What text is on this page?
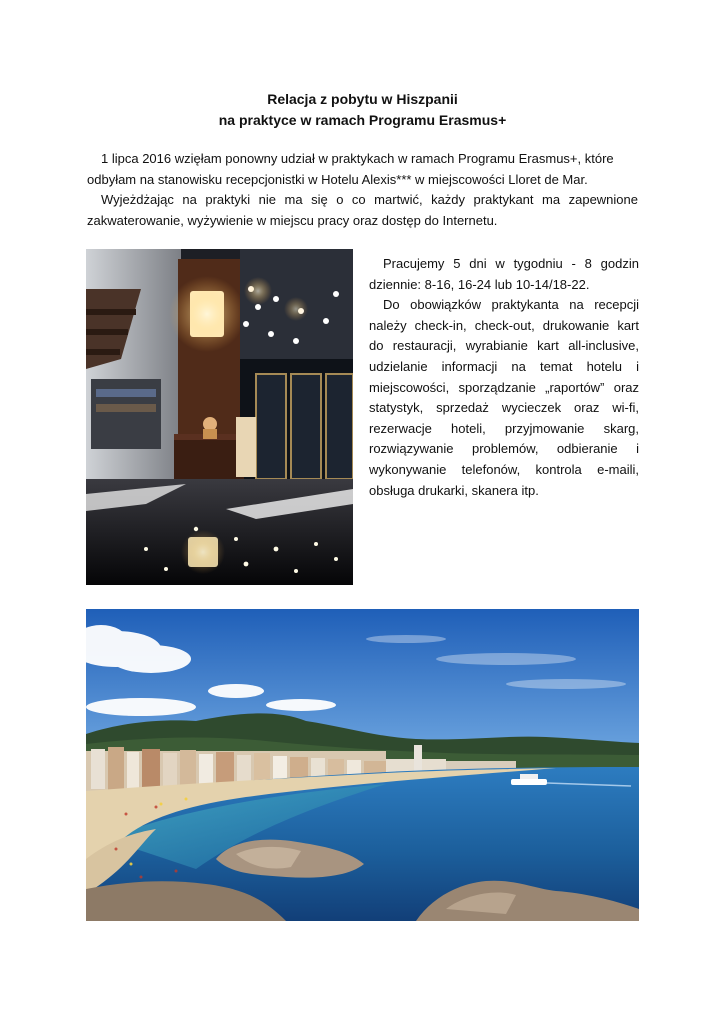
Relacja z pobytu w Hiszpanii
na praktyce w ramach Programu Erasmus+
1 lipca 2016 wzięłam ponowny udział w praktykach w ramach Programu Erasmus+, które
odbyłam na stanowisku recepcjonistki w Hotelu Alexis*** w miejscowości Lloret de Mar.
Wyjeżdżając na praktyki nie ma się o co martwić, każdy praktykant ma zapewnione zakwaterowanie, wyżywienie w miejscu pracy oraz dostęp do Internetu.

Pracujemy 5 dni w tygodniu - 8 godzin dziennie: 8-16, 16-24 lub 10-14/18-22.

Do obowiązków praktykanta na recepcji należy check-in, check-out, drukowanie kart do restauracji, wyrabianie kart all-inclusive, udzielanie informacji na temat hotelu i miejscowości, sporządzanie „raportów” oraz statystyk, sprzedaż wycieczek oraz wi-fi, rezerwacje hoteli, przyjmowanie skarg, rozwiązywanie problemów, odbieranie i wykonywanie telefonów, kontrola e-maili, obsługa drukarki, skanera itp.
